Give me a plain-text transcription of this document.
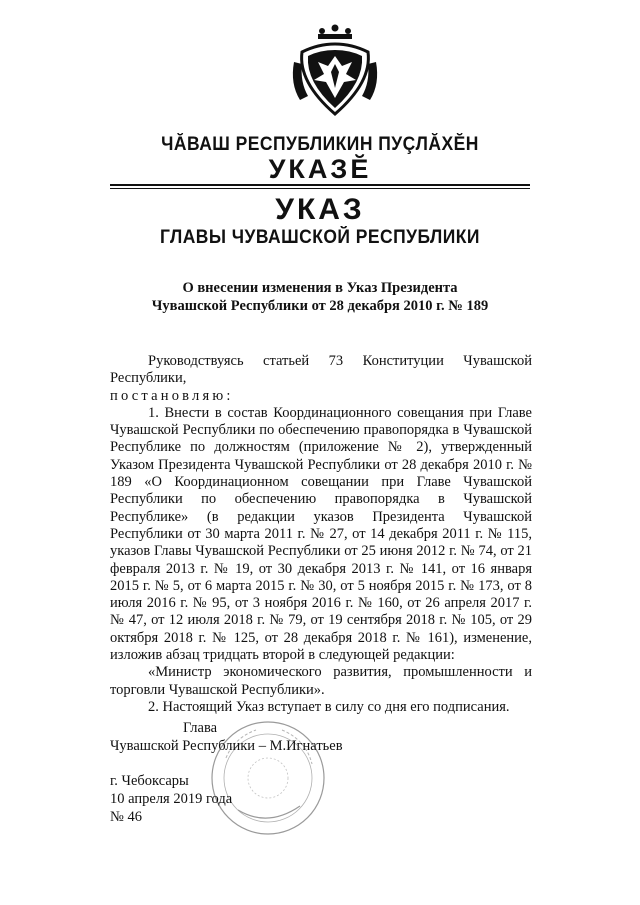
ЧĂВАШ РЕСПУБЛИКИН ПУÇЛĂХĔН
УКАЗĔ
УКАЗ
ГЛАВЫ ЧУВАШСКОЙ РЕСПУБЛИКИ
О внесении изменения в Указ Президента
Чувашской Республики от 28 декабря 2010 г. № 189

Руководствуясь статьей 73 Конституции Чувашской Республики,

постановляю:

1. Внести в состав Координационного совещания при Главе Чувашской Республики по обеспечению правопорядка в Чувашской Республике по должностям (приложение № 2), утвержденный Указом Президента Чувашской Республики от 28 декабря 2010 г. № 189 «О Координационном совещании при Главе Чувашской Республики по обеспечению правопорядка в Чувашской Республике» (в редакции указов Президента Чувашской Республики от 30 марта 2011 г. № 27, от 14 декабря 2011 г. № 115, указов Главы Чувашской Республики от 25 июня 2012 г. № 74, от 21 февраля 2013 г. № 19, от 30 декабря 2013 г. № 141, от 16 января 2015 г. № 5, от 6 марта 2015 г. № 30, от 5 ноября 2015 г. № 173, от 8 июля 2016 г. № 95, от 3 ноября 2016 г. № 160, от 26 апреля 2017 г. № 47, от 12 июля 2018 г. № 79, от 19 сентября 2018 г. № 105, от 29 октября 2018 г. № 125, от 28 декабря 2018 г. № 161), изменение, изложив абзац тридцать второй в следующей редакции:

«Министр экономического развития, промышленности и торговли Чувашской Республики».

2. Настоящий Указ вступает в силу со дня его подписания.

Глава
Чувашской Республики – М.Игнатьев
г. Чебоксары
10 апреля 2019 года
№ 46
